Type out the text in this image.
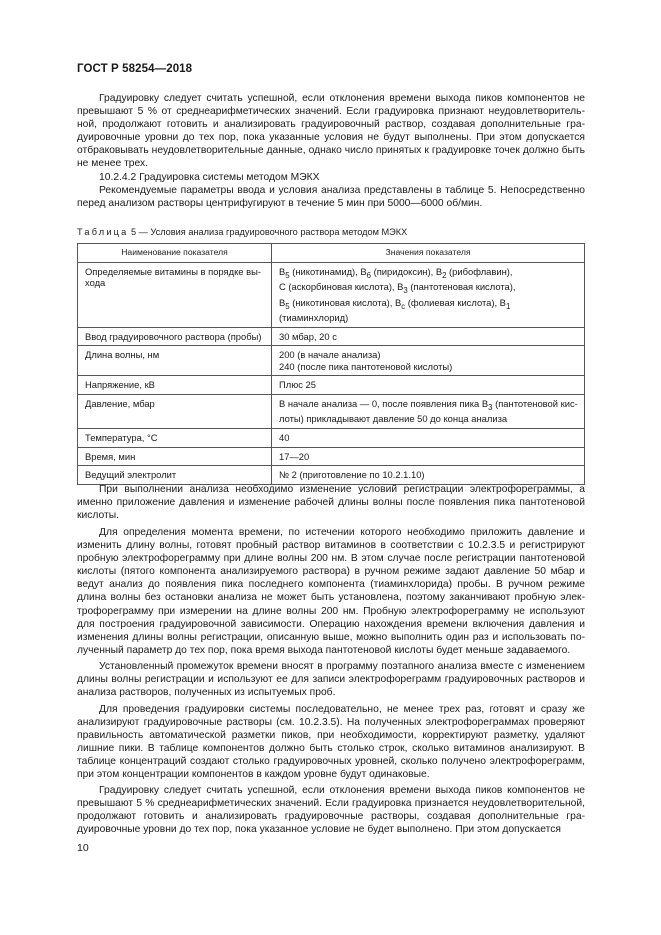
ГОСТ Р 58254—2018

Градуировку следует считать успешной, если отклонения времени выхода пиков компонентов не превышают 5 % от среднеарифметических значений. Если градуировка признают неудовлетворительной, продолжают готовить и анализировать градуировочный раствор, создавая дополнительные градуировочные уровни до тех пор, пока указанные условия не будут выполнены. При этом допускается отбраковывать неудовлетворительные данные, однако число принятых к градуировке точек должно быть не менее трех.

10.2.4.2 Градуировка системы методом МЭКХ

Рекомендуемые параметры ввода и условия анализа представлены в таблице 5. Непосредственно перед анализом растворы центрифугируют в течение 5 мин при 5000—6000 об/мин.

Таблица 5 — Условия анализа градуировочного раствора методом МЭКХ
Наименование показателя	Значения показателя
Определяемые витамины в порядке выхода	$B_5$ (никотинамид), $B_6$ (пиридоксин), $B_2$ (рибофлавин),
C (аскорбиновая кислота), $B_3$ (пантотеновая кислота),
$B_5$ (никотиновая кислота), $B_c$ (фолиевая кислота), $B_1$ (тиаминхлорид)

Ввод градуировочного раствора (пробы)	30 мбар, 20 с
Длина волны, нм	200 (в начале анализа)
240 (после пика пантотеновой кислоты)

Напряжение, кВ	Плюс 25
Давление, мбар	В начале анализа — 0, после появления пика $B_3$ (пантотеновой кислоты) прикладывают давление 50 до конца анализа
Температура, °С	40
Время, мин	17—20
Ведущий электролит	№ 2 (приготовление по 10.2.1.10)

При выполнении анализа необходимо изменение условий регистрации электрофореграммы, а именно приложение давления и изменение рабочей длины волны после появления пика пантотеновой кислоты.

Для определения момента времени, по истечении которого необходимо приложить давление и изменить длину волны, готовят пробный раствор витаминов в соответствии с 10.2.3.5 и регистрируют пробную электрофореграмму при длине волны 200 нм. В этом случае после регистрации пантотеновой кислоты (пятого компонента анализируемого раствора) в ручном режиме задают давление 50 мбар и ведут анализ до появления пика последнего компонента (тиаминхлорида) пробы. В ручном режиме длина волны без остановки анализа не может быть установлена, поэтому заканчивают пробную электрофореграмму при измерении на длине волны 200 нм. Пробную электрофореграмму не используют для построения градуировочной зависимости. Операцию нахождения времени включения давления и изменения длины волны регистрации, описанную выше, можно выполнить один раз и использовать полученный параметр до тех пор, пока время выхода пантотеновой кислоты будет меньше задаваемого.

Установленный промежуток времени вносят в программу поэтапного анализа вместе с изменением длины волны регистрации и используют ее для записи электрофореграмм градуировочных растворов и анализа растворов, полученных из испытуемых проб.

Для проведения градуировки системы последовательно, не менее трех раз, готовят и сразу же анализируют градуировочные растворы (см. 10.2.3.5). На полученных электрофореграммах проверяют правильность автоматической разметки пиков, при необходимости, корректируют разметку, удаляют лишние пики. В таблице компонентов должно быть столько строк, сколько витаминов анализируют. В таблице концентраций создают столько градуировочных уровней, сколько получено электрофореграмм, при этом концентрации компонентов в каждом уровне будут одинаковые.

Градуировку следует считать успешной, если отклонения времени выхода пиков компонентов не превышают 5 % среднеарифметических значений. Если градуировка признается неудовлетворительной, продолжают готовить и анализировать градуировочные растворы, создавая дополнительные градуировочные уровни до тех пор, пока указанное условие не будет выполнено. При этом допускается

10
